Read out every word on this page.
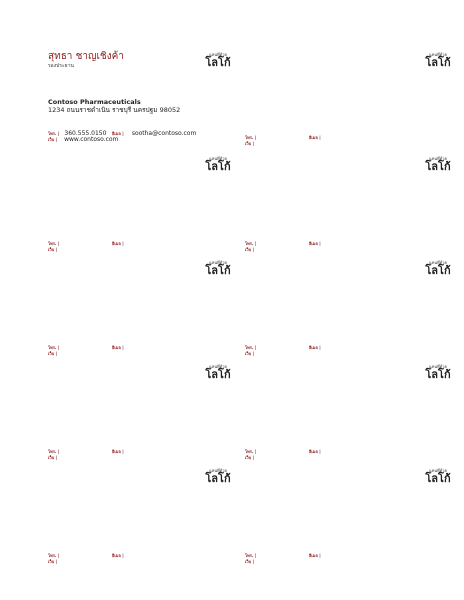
สุทธา ชาญเชิงค้า
รองประธาน
แทนที่ด้วย
โลโก้
Contoso Pharmaceuticals
1234 ถนนราชดำเนิน ราชบุรี นครปฐม 98052
โทร. | 360.555.0150 อีเมล | sootha@contoso.com
เว็บ | www.contoso.com
แทนที่ด้วย
โลโก้
โทร. |	อีเมล |
เว็บ |
แทนที่ด้วย
โลโก้
โทร. |	อีเมล |
เว็บ |
แทนที่ด้วย
โลโก้
โทร. |	อีเมล |
เว็บ |
แทนที่ด้วย
โลโก้
โทร. |	อีเมล |
เว็บ |
แทนที่ด้วย
โลโก้
โทร. |	อีเมล |
เว็บ |
แทนที่ด้วย
โลโก้
โทร. |	อีเมล |
เว็บ |
แทนที่ด้วย
โลโก้
โทร. |	อีเมล |
เว็บ |
แทนที่ด้วย
โลโก้
โทร. |	อีเมล |
เว็บ |
แทนที่ด้วย
โลโก้
โทร. |	อีเมล |
เว็บ |
